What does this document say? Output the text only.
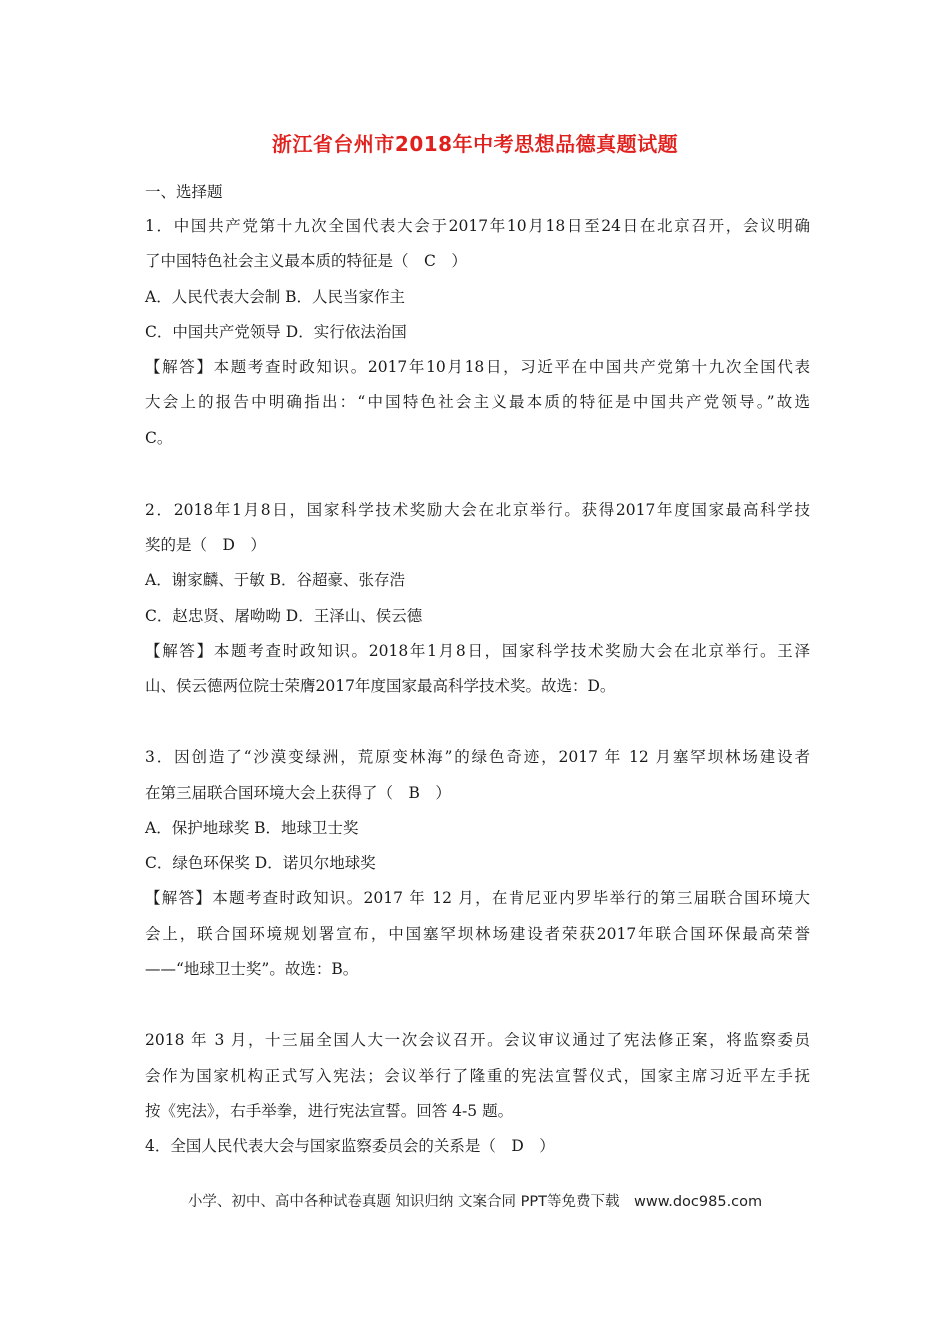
浙江省台州市2018年中考思想品德真题试题
一、选择题
1．中国共产党第十九次全国代表大会于2017年10月18日至24日在北京召开，会议明确
了中国特色社会主义最本质的特征是（　C　）
A．人民代表大会制 B．人民当家作主
C．中国共产党领导 D．实行依法治国
【解答】本题考查时政知识。2017年10月18日，习近平在中国共产党第十九次全国代表
大会上的报告中明确指出：“中国特色社会主义最本质的特征是中国共产党领导。”故选
C。
2．2018年1月8日，国家科学技术奖励大会在北京举行。获得2017年度国家最高科学技
奖的是（　D　）
A．谢家麟、于敏 B．谷超豪、张存浩
C．赵忠贤、屠呦呦 D．王泽山、侯云德
【解答】本题考查时政知识。2018年1月8日，国家科学技术奖励大会在北京举行。王泽
山、侯云德两位院士荣膺2017年度国家最高科学技术奖。故选：D。
3．因创造了“沙漠变绿洲，荒原变林海”的绿色奇迹，2017 年 12 月塞罕坝林场建设者
在第三届联合国环境大会上获得了（　B　）
A．保护地球奖 B．地球卫士奖
C．绿色环保奖 D．诺贝尔地球奖
【解答】本题考查时政知识。2017 年 12 月，在肯尼亚内罗毕举行的第三届联合国环境大
会上，联合国环境规划署宣布，中国塞罕坝林场建设者荣获2017年联合国环保最高荣誉
——“地球卫士奖”。故选：B。
2018 年 3 月，十三届全国人大一次会议召开。会议审议通过了宪法修正案，将监察委员
会作为国家机构正式写入宪法；会议举行了隆重的宪法宣誓仪式，国家主席习近平左手抚
按《宪法》，右手举拳，进行宪法宣誓。回答 4-5 题。
4．全国人民代表大会与国家监察委员会的关系是（　D　）
小学、初中、高中各种试卷真题 知识归纳 文案合同 PPT等免费下载　www.doc985.com
